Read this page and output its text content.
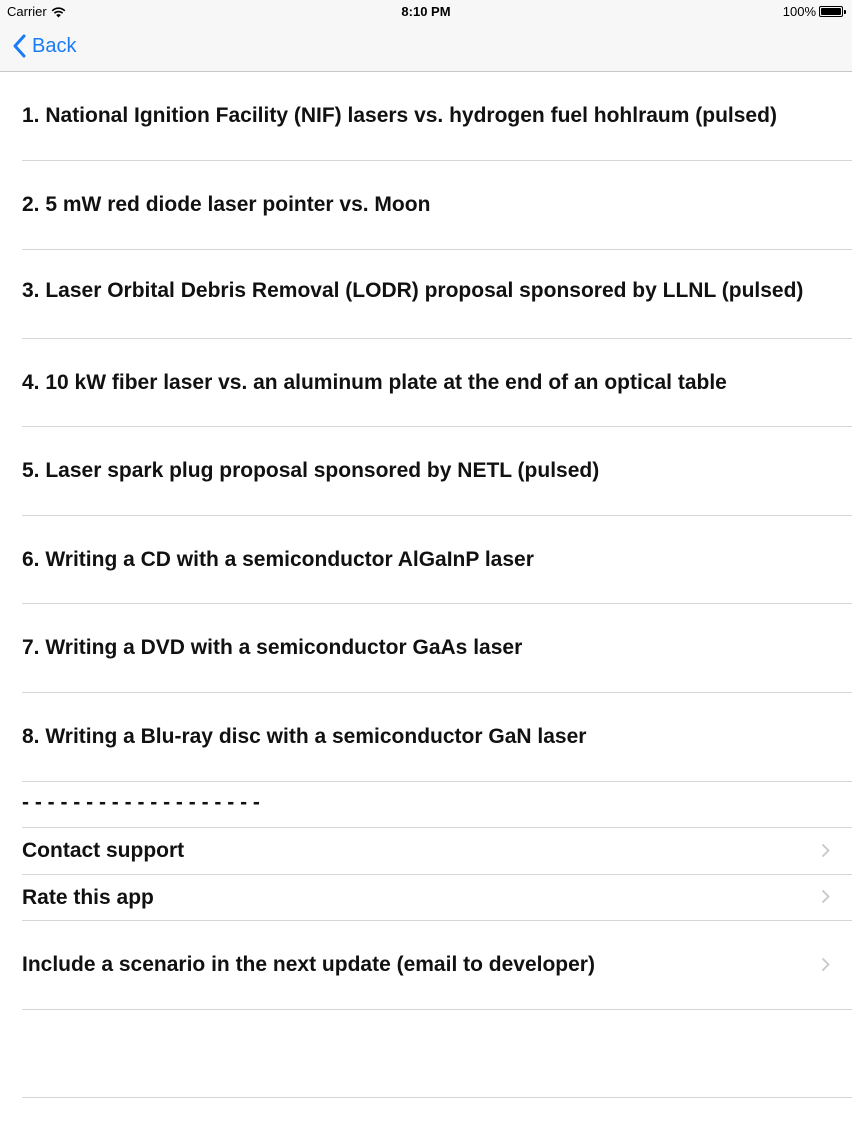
Carrier	8:10 PM	100%
Back
1. National Ignition Facility (NIF) lasers vs. hydrogen fuel hohlraum (pulsed)
2. 5 mW red diode laser pointer vs. Moon
3. Laser Orbital Debris Removal (LODR) proposal sponsored by LLNL (pulsed)
4. 10 kW fiber laser vs. an aluminum plate at the end of an optical table
5. Laser spark plug proposal sponsored by NETL (pulsed)
6. Writing a CD with a semiconductor AlGaInP laser
7. Writing a DVD with a semiconductor GaAs laser
8. Writing a Blu-ray disc with a semiconductor GaN laser
- - - - - - - - - - - - - - - - - - -
Contact support
Rate this app
Include a scenario in the next update (email to developer)
